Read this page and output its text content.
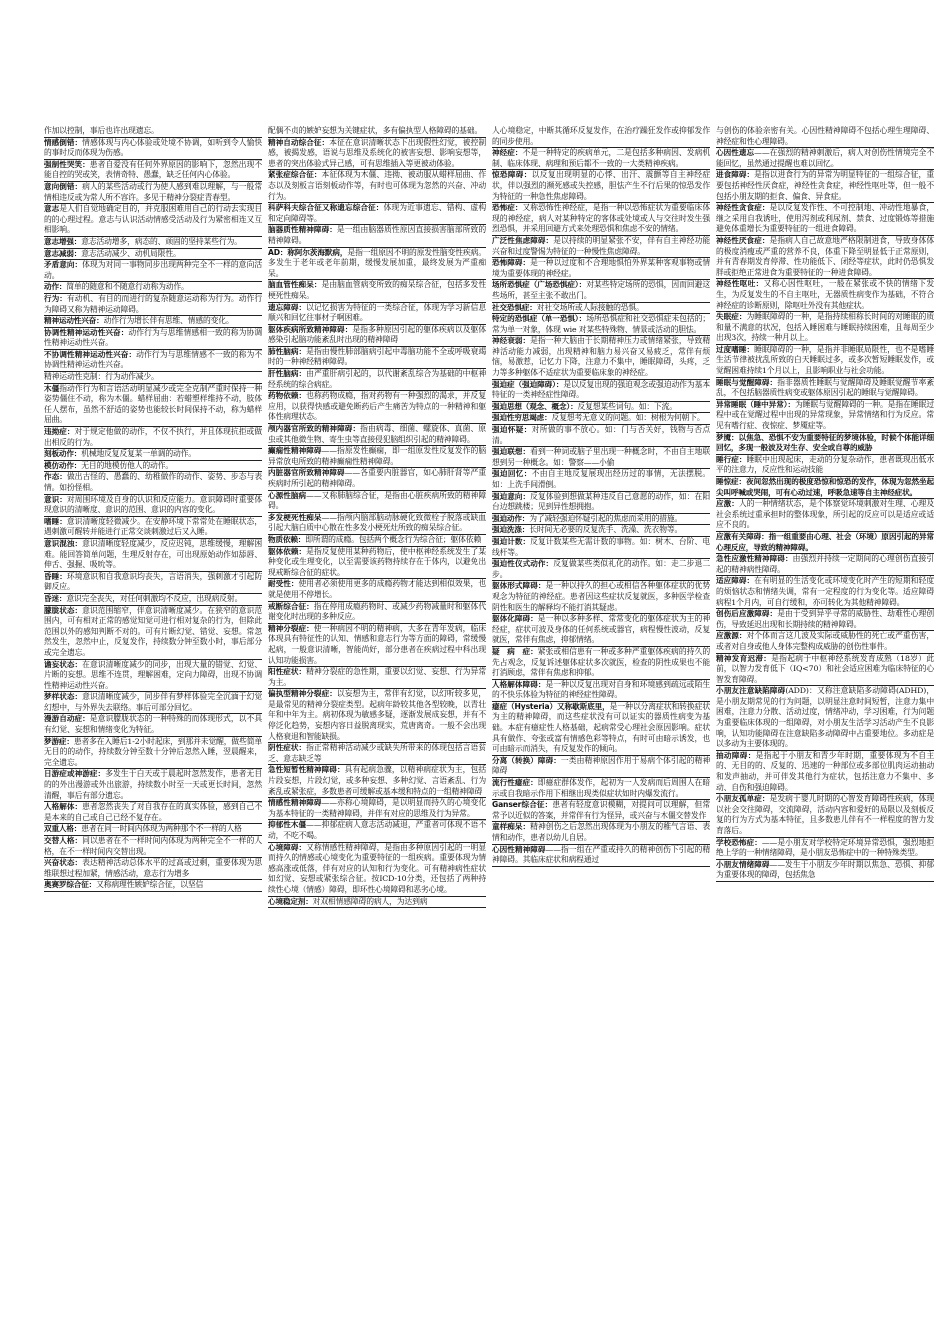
作加以控制，事后也许出现遗忘。
情感倒错：情感体现与内心体验或处境不协调，如听到令人愉快的事时反而体现为伤感。
强制性哭笑：患者自爱没有任何外界原因的影响下，忽然出现不能自控的哭或笑，表情奇特、愚蠢，缺乏任何内心体验。
意向倒错：病人的某些活动或行为使人感到难以理解，与一般常情相违反或为常人所不容许。多见于精神分裂症青春型。
意志是人们自觉地确定目的，并克服困难用自己的行动去实现目的的心理过程。意志与认识活动情感受活动及行为紧密相连又互相影响。
意志增强：意志活动增多，病态的、顽固的坚持某些行为。
意志减弱：意志活动减少、动机局限性。
矛盾意向：体现为对同一事物同步出现两种完全不一样的意向活动。
动作：简单的随意和不随意行动称为动作。
行为：有动机、有目的而进行的复杂随意运动称为行为。动作行为障碍又称为精神运动障碍。
精神运动性兴奋：动作行为增长伴有思维、情感的变化。
协调性精神运动性兴奋：动作行为与思维情感相一致的称为协调性精神运动性兴奋。
不协调性精神运动性兴奋：动作行为与思维情感不一致的称为不协调性精神运动性兴奋。
精神运动性克制：行为动作减少。
木僵指动作行为和言语活动明显减少或完全克制严重时保持一种姿势僵住不动，称为木僵。蜡样屈曲：若蜡塑样维持不动，肢体任人摆布，虽然不舒适的姿势也能较长时间保持不动，称为蜡样屈曲。
违拗症：对于规定他做的动作，不仅不执行，并且体现抗拒或做出相反的行为。
刻板动作：机械地反复反复某一单调的动作。
模仿动作：无目的地模仿他人的动作。
作态：做出古怪的、愚蠢的、幼稚做作的动作、姿势、步态与表情。如扮怪相。
意识：对周围环境及自身的认识和反应能力。意识障碍时重要体现意识的清晰度、意识的范围、意识的内容的变化。
嗜睡：意识清晰度轻微减少。在安静环境下常常处在睡眠状态，遇刺激可醒转并能进行正常交谈刺激过后又入睡。
意识混浊：意识清晰度轻度减少，反应迟钝，思维缓慢，理解困难。能回答简单问题，生理反射存在，可出现原始动作如舔唇、伸舌、强握、吸吮等。
昏睡：环境意识和自我意识均丧失，言语消失，强刺激才引起防御反应。
昏迷：意识完全丧失，对任何刺激均不反应，出现病反射。
朦胧状态：意识范围缩窄，伴意识清晰度减少。在狭窄的意识范围内，可有相对正常的感觉知觉可进行相对复杂的行为，但除此范围以外的感知判断不对的。可有片断幻觉、错觉、妄想。常忽然发生，忽然中止，反复发作，持续数分钟至数小时，事后部分或完全遗忘。
谵妄状态：在意识清晰度减少的同步，出现大量的错觉、幻觉、片断的妄想。思维不连贯，理解困难，定向力障碍，出现不协调性精神运动性兴奋。
梦样状态：意识清晰度减少，同步伴有梦样体验完全沉湎于幻觉幻想中，与外界失去联络。事后可部分回忆。
漫游自动症：是意识朦胧状态的一种特殊的而体现形式，以不具有幻觉、妄想和情绪变化为特征。
梦游症：患者多在入睡后1-2小时起床，到那并未觉醒，做些简单无目的的动作，持续数分钟至数十分钟后忽然入睡，翌晨醒来，完全遗忘。
日游症或神游症：多发生于白天或于晨起时忽然发作，患者无目的的外出漫游或外出旅游，持续数小时至一天或更长时间，忽然清醒，事后有部分遗忘。
人格解体：患者忽然丧失了对自我存在的真实体验，感到自己不是本来的自己或自己已经不复存在。
双重人格：患者在同一时间内体现为两种那个不一样的人格
交替人格：同以患者在不一样时间内体现为两种完全不一样的人格，在不一样时间内交替出现。
兴奋状态：表达精神活动总体水平的过高或过剩，重要体现为思维联想过程加紧，情感活动，意志行为增多
奥赛罗综合征：又称病理性嫉妒综合征，以坚信
配偶不贞的嫉妒妄想为关键症状，多有偏执型人格障碍的基础。
精神自动综合征：本征在意识清晰状态下出现假性幻觉，被控制感，被揭发感，语说与思维及系统化的被害妄想、影响妄想等，患者的突出体验式异己感，可有思维插入等更被动体验。
紧张症综合征：本征体现为木僵、违拗、被动服从蜡样屈曲、作态以及刻板言语刻板动作等，有时也可体现为忽然的兴奋、冲动行为。
科萨科夫综合征又称遗忘综合征：体现为近事遗忘、错构、虚构和定向障碍等。
脑器质性精神障碍：是一组由脑器质性原因直接损害脑部所致的精神障碍。
AD：称阿尔茨海默病，是指一组原因不明的原发性脑变性疾病。多发生于老年或老年前期，缓慢发展加重，最终发展为严重痴呆。
脑血管性痴呆：是由脑血管病变所致的痴呆综合征，包括多发性梗死性痴呆。
遗忘障碍：以记忆损害为特征的一类综合征，体现为学习新信息顺兴和回忆往事材子啊困难。
躯体疾病所致精神障碍：是指多种原因引起的躯体疾病以及躯体感染引起脑功能紊乱时出现的精神障碍
肺性脑病：是指由慢性肺部脑病引起中毒脑功能不全或呼吸衰竭时的一种神经精神障碍。
肝性脑病：由严重肝病引起的，以代谢紊乱综合为基础的中枢神经系统的综合病症。
药物依赖：也称药物成瘾，指对药物有一种强烈的渴求，并反复应用，以获得快感或避免断药后产生痛苦为特点的一种精神和躯体性病理状态。
颅内器官所致的精神障碍：指由病毒、细菌、螺旋体、真菌、原虫或其他微生物、寄生虫等直接侵犯脑组织引起的精神障碍。
癫痫性精神障碍——指原发性癫痫，即一组原发性反复发作的脑异常放电所致的精神癫痫性精神障碍。
内脏器官所致精神障碍——各重要内脏器官，如心肺肝肾等严重疾病时所引起的精神障碍。
心源性脑病——又称肺脑综合征，是指由心脏疾病所致的精神障碍。
多发梗死性痴呆——指颅内脑部脑动脉硬化致微栓子脱落或缺血引起大脑白质中心散在性多发小梗死灶所致的痴呆综合征。
物质依赖：即所谓的成瘾。包括两个概念行为综合征；躯体依赖
躯体依赖：是指反复使用某种药物后，使中枢神经系统发生了某种变化或生理变化，以至需要该药物持续存在于体内，以避免出现戒断综合征的症状。
耐受性：使用者必须使用更多的成瘾药物才能达到相似效果，也就是使用不停增长。
戒断综合征：指在停用成瘾药物时、或减少药物减量时和躯体代谢变化时出现的多种反应。
精神分裂症：使一种病因不明的精神病，大多在青年发病，临床体现具有特征性的认知、情感和意志行为等方面的障碍，常缓慢起病，一般意识清晰，智能尚好，部分患者在疾病过程中科出现认知功能损害。
阳性症状：精神分裂症的急性期，重要以幻觉、妄想、行为异常为主。
偏执型精神分裂症：以妄想为主，常伴有幻觉，以幻听较多见，是最常见的精神分裂症类型。起病年龄较其他各型较晚，以青壮年和中年为主。病初体现为敏感多疑，逐渐发展成妄想，并有不停泛化趋势，妄想内容日益脱离现实，荒唐离奇。一般不会出现人格衰退和智能缺损。
阴性症状：指正常精神活动减少或缺失所带来的体现包括言语贫乏、意志缺乏等
急性短暂性精神障碍：具有起病急骤，以精神病症状为主，包括片段妄想，片段幻觉，或多种妄想、多种幻觉、言语紊乱、行为紊乱或紧张症，多数患者可缓解或基本缓和特点的一组精神障碍
情感性精神障碍——亦称心境障碍，是以明显而持久的心境变化为基本特征的一类精神障碍，并伴有对应的思维及行为异常。
抑郁性木僵——抑郁症病人意志活动减退，严重者可体现不语不动，不吃不喝。
心境障碍：又称情感性精神障碍，是指由多种原因引起的一明显而持久的情感或心境变化为重要特征的一组疾病。重要体现为情感高涨或低落，伴有对应的认知和行为变化。可有精神病性症状如幻觉、妄想或紧张综合征。按ICD-10分类，还包括了两种持续性心境（情感）障碍，即环性心境障碍和恶劣心境。
心境稳定剂：对双相情感障碍的病人，为达到病
人心境稳定，中断其循环反复发作，在治疗躁狂发作或抑郁发作的同步使用。
神经症：不是一种特定的疾病单元，二是包括多种病因、发病机制、临床体现、病理和预后都不一致的一大类精神疾病。
惊恐障碍：以反复出现明显的心悸、出汗、震颤等自主神经症状，伴以强烈的濒死感或失控感，胆怯产生不行后果的惊恐发作为特征的一种急性焦虑障碍。
恐怖症：又称恐怖性神经症，是指一种以恐怖症状为重要临床体现的神经症，病人对某种特定的客体或处境或人与交往时发生强烈恐惧，并采用回避方式来处理恐惧和焦虑不安的情绪。
广泛性焦虑障碍：是以持续的明显紧张不安，伴有自主神经功能兴奋和过度警惕为特征的一种慢性焦虑障碍。
恐怖障碍：是一种以过度和不合理地惧怕外界某种客观事物或情境为重要体现的神经症。
场所恐惧症（广场恐惧症）：对某些特定场所的恐惧，因而回避这些场所，甚至主张不敢出门。
社交恐惧症：对社交场所或人际接触的恐惧。
特定的恐惧症（单一恐惧）：场所恐惧症和社交恐惧症未包括的；常为单一对象，体现 wie 对某些特殊物、情景或活动的胆怯。
神经衰弱：是指一种大脑由于长期精神压力或情绪紧张，导致精神活动能力减弱，出现精神和脑力易兴奋又易疲乏，常伴有烦恼，易激惹，记忆力下降，注意力不集中，睡眠障碍，头疼，乏力等多种躯体不适症状为重要临床象的神经症。
强迫症（强迫障碍）：是以反复出现的强迫观念或强迫动作为基本特征的一类神经症性障碍。
强迫思想（观念、概念）：反复想某些词句。如：下流。
强迫性穷思竭虑：反复想考无意义的问题。如：树根为何朝下。
强迫怀疑：对所做的事不放心。如：门与否关好，钱物与否点清。
强迫联想：看到一种词或脑子里出现一种概念时，不由自主地联想到另一种概念。如：警察——小偷
强迫回忆：不由自主地反复展现出经历过的事情，无法摆脱。如：上洗手间滑倒。
强迫意向：反复体验到想做某种违反自己意愿的动作，如：在阳台边想跳楼；见到异性想拥抱。
强迫动作：为了减轻强迫怀疑引起的焦虑而采用的措施。
强迫洗涤：长时间无必要的反复洗手、洗澡、洗衣物等。
强迫计数：反复计数某些无需计数的事物。如：树木、台阶、电线杆等。
强迫性仪式动作：反复做某些类似礼化的动作。如：走二步退二步。
躯体形式障碍：是一种以持久的担心或相信各种躯体症状的优势观念为特征的神经症。患者因这些症状反复就医，多种医学检查阴性和医生的解释均不能打消其疑虑。
躯体化障碍：是一种以多种多样、常常变化的躯体症状为主的神经症，症状可波及身体的任何系统或器官，病程慢性波动，反复就医，常伴有焦虑，抑郁情绪。
疑　病　症：紧张或相信患有一种或多种严重躯体疾病的持久的先占观念，反复诉述躯体症状多次就医，检查的阴性成果也不能打消顾虑，常伴有焦虑和抑郁。
人格解体障碍：是一种以反复出现对自身和环境感到疏远或陌生的不快乐体验为特征的神经症性障碍。
癔症（Hysteria）又称歇斯底里，是一种以分离症状和转换症状为主的精神障碍，而这些症状没有可以证实的器质性病变为基础。本症有癔症性人格基础，起病常受心理社会原因影响。症状具有做作、夸张或富有情感色彩等特点，有时可由暗示诱发，也可由暗示而消失，有反复发作的倾向。
分离（转换）障碍：一类由精神原因作用于易病个体引起的精神障碍
流行性癔症：即癔症群体发作，起初为一人发病而后周围人在暗示或自我暗示作用下相继出现类似症状如时内爆发流行。
Ganser综合征：患者有轻度意识模糊，对提问可以理解，但常常予以近似的答案，并常伴有行为怪异，或兴奋与木僵交替发作
童样痴呆：精神创伤之后忽然出现体现为小朋友的稚气言语、表情和动作，患者以幼儿自居。
心因性精神障碍——指一组在严重或持久的精神创伤下引起的精神障碍。其临床症状和病程通过
与创伤的体验亲密有关。心因性精神障碍不包括心理生理障碍、神经症和性心理障碍。
心因性遗忘——在强烈的精神刺激后，病人对创伤性情境完全不能回忆，虽然通过提醒也难以回忆。
进食障碍：是指以进食行为的异常为明显特征的一组综合征，重要包括神经性厌食症，神经性贪食症，神经性呕吐等，但一般不包括小朋友期的拒食、偏食、异食症。
神经性贪食症：是以反复发作性、不可控制地、冲动性地暴食，继之采用自我诱吐，使用泻剂或利尿剂、禁食、过度锻炼等措施避免体重增长为重要特征的一组进食障碍。
神经性厌食症：是指病人自己故意地严格限制进食，导致身体体的极度消瘦或严重的营养不良，体重下降至明显低于正常原则，并有青春期发育停滞、性功能低下、闭经等症状，此时仍恐惧发胖或拒绝正常进食为重要特征的一种进食障碍。
神经性呕吐：又称心因性呕吐，一般在紧张或不快的情绪下发生，为反复发生的不自主呕吐，无器质性病变作为基础，不符合神经症的诊断原则，除呕吐外没有其他症状。
失眠症：为睡眠障碍的一种，是指持续相称长时间的对睡眠的质和量不满意的状况，包括入睡困难与睡眠持续困难，且每周至少出现3次，持续一种月以上。
过度嗜睡：睡眠障碍的一种，是指并非睡眠局限性，也不是嗜睡生活节律被扰乱所致的白天睡眠过多，或多次暂短睡眠发作，或觉醒困难持续1个月以上，且影响职业与社会功能。
睡眠与觉醒障碍：指非器质性睡眠与觉醒障碍及睡眠觉醒节率紊乱，不包括脑器质性病变或躯体原因引起的睡眠与觉醒障碍。
异常睡眠（睡中异常）：为睡眠与觉醒障碍的一种。是指在睡眠过程中或在觉醒过程中出现的异常现象，异常情绪和行为反应。常见有嗜行症、夜惊症、梦魇症等。
梦魇：以焦急、恐惧不安为重要特征的梦境体验，时候个体能详细回忆，多现一般波及对生存、安全或自尊的威胁
睡行症：睡眠中出现起床，走动的分复杂动作，患者既现出低水平的注意力，反应性和运动技能
睡惊症：夜间忽然出现的极度恐惊和惊恐的发作，体现为忽然坐起尖叫呼喊或哭闹，可有心动过速，呼吸急速等自主神经症状。
应激：人的一种情绪状态，是个体察觉环境刺激对生理、心理及社会系统过重承担时的整体现象，所引起的反应可以是适应或适应不良的。
应激有关障碍：指一组重要由心理、社会（环境）原因引起的异常心理反应，导致的精神障碍。
急性应激性精神障碍：由强烈并持续一定期间的心理创伤直接引起的精神病性障碍。
适应障碍：在有明显的生活变化或环境变化时产生的短期和轻度的烦恼状态和情绪失调，常有一定程度的行为变化等。适应障碍病程1个月内，可自行缓和，亦可转化为其他精神障碍。
创伤后应激障碍：是由于受到异乎寻常的威胁性、劫难性心理创伤，导致延迟出现和长期持续的精神障碍。
应激源：对个体而言这几波及实际或威胁性的死亡或严重伤害，或者对自身或他人身体完整构成威胁的创伤性事件。
精神发育迟滞：是指起病于中枢神经系统发育成熟（18岁）此前，以智力发育低下（IQ<70）和社会适应困难为临床特征的心智发育障碍。
小朋友注意缺陷障碍(ADD)：又称注意缺陷多动障碍(ADHD)，是小朋友期常见的行为问题，以明显注意时间短暂，注意力集中困难，注意力分散、活动过度，情绪冲动，学习困难，行为问题为重要临床体现的一组障碍，对小朋友生活学习活动产生不良影响，认知功能障碍在注意缺陷多动障碍中占重要地位。多动症是以多动为主要体现的。
抽动障碍：是指起于小朋友和青少年时期，重要体现为不自主的、无目的的、反复的、迅速的一种部位或多部位肌肉运动抽动和发声抽动，并可伴发其他行为症状，包括注意力不集中、多动、自伤和强迫障碍。
小朋友孤单症：是发病于婴儿时期的心智发育障碍性疾病，体现以社会交往障碍，交流障碍，活动内容和爱好的局限以及刻板反复的行为方式为基本特征，且多数患儿伴有不一样程度的智力发育落后。
学校恐怖症：——是小朋友对学校特定环境异常恐惧，强烈地拒绝上学的一种情绪障碍，是小朋友恐怖症中的一种特殊类型。
小朋友情绪障碍——发生于小朋友少年时期以焦急、恐惧、抑郁为重要体现的障碍，包括焦急
